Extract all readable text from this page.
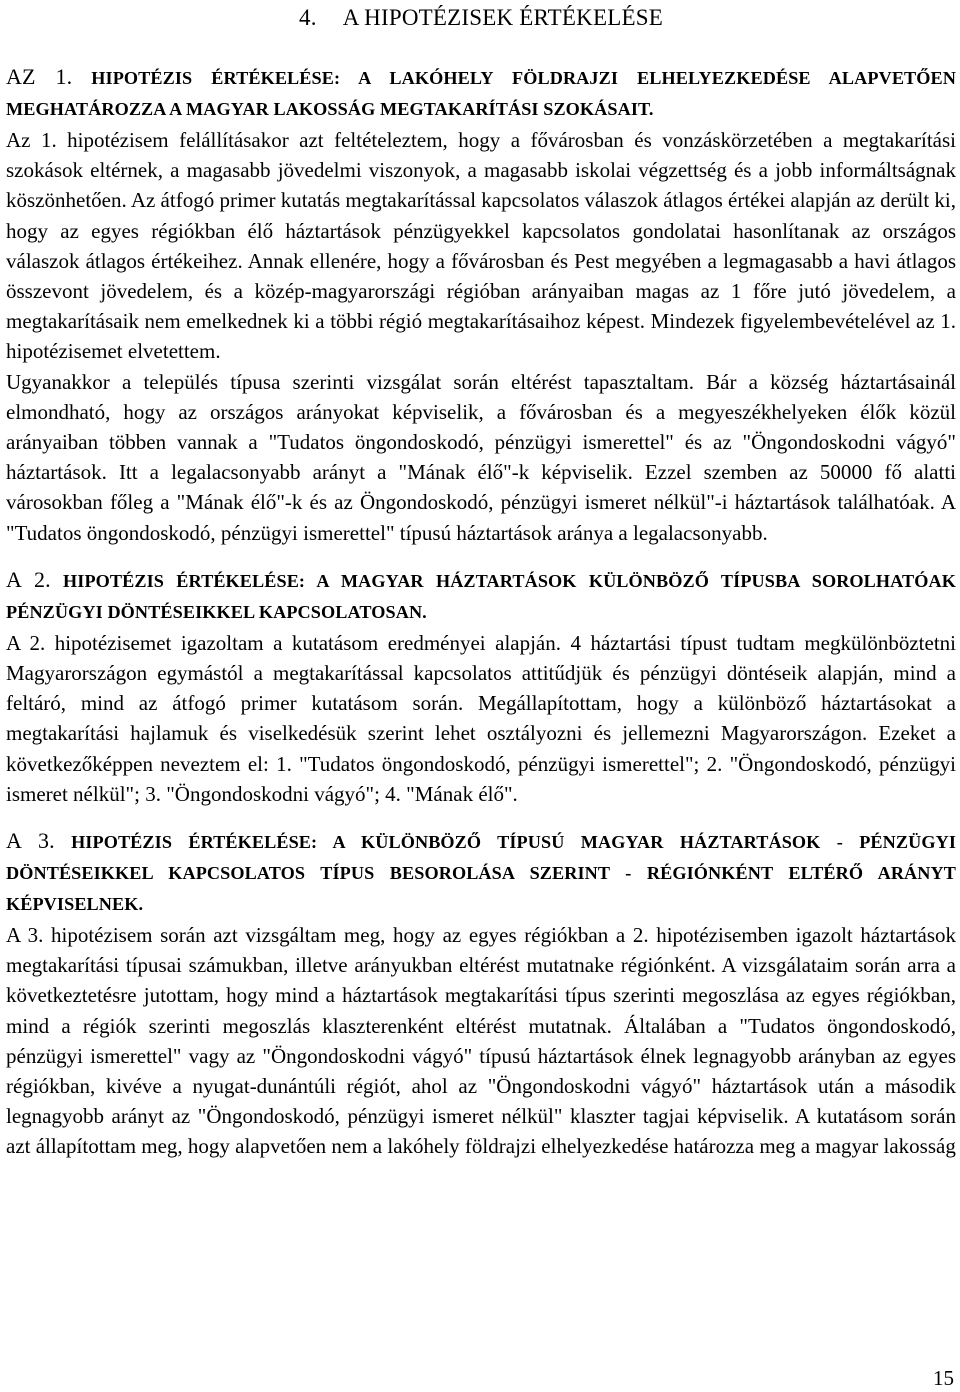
4. A HIPOTÉZISEK ÉRTÉKELÉSE
AZ 1. HIPOTÉZIS ÉRTÉKELÉSE: A LAKÓHELY FÖLDRAJZI ELHELYEZKEDÉSE ALAPVETŐEN MEGHATÁROZZA A MAGYAR LAKOSSÁG MEGTAKARÍTÁSI SZOKÁSAIT.

Az 1. hipotézisem felállításakor azt feltételeztem, hogy a fővárosban és vonzáskörzetében a megtakarítási szokások eltérnek, a magasabb jövedelmi viszonyok, a magasabb iskolai végzettség és a jobb informáltságnak köszönhetően. Az átfogó primer kutatás megtakarítással kapcsolatos válaszok átlagos értékei alapján az derült ki, hogy az egyes régiókban élő háztartások pénzügyekkel kapcsolatos gondolatai hasonlítanak az országos válaszok átlagos értékeihez. Annak ellenére, hogy a fővárosban és Pest megyében a legmagasabb a havi átlagos összevont jövedelem, és a közép-magyarországi régióban arányaiban magas az 1 főre jutó jövedelem, a megtakarításaik nem emelkednek ki a többi régió megtakarításaihoz képest. Mindezek figyelembevételével az 1. hipotézisemet elvetettem.

Ugyanakkor a település típusa szerinti vizsgálat során eltérést tapasztaltam. Bár a község háztartásainál elmondható, hogy az országos arányokat képviselik, a fővárosban és a megyeszékhelyeken élők közül arányaiban többen vannak a "Tudatos öngondoskodó, pénzügyi ismerettel" és az "Öngondoskodni vágyó" háztartások. Itt a legalacsonyabb arányt a "Mának élő"-k képviselik. Ezzel szemben az 50000 fő alatti városokban főleg a "Mának élő"-k és az Öngondoskodó, pénzügyi ismeret nélkül"-i háztartások találhatóak. A "Tudatos öngondoskodó, pénzügyi ismerettel" típusú háztartások aránya a legalacsonyabb.

A 2. HIPOTÉZIS ÉRTÉKELÉSE: A MAGYAR HÁZTARTÁSOK KÜLÖNBÖZŐ TÍPUSBA SOROLHATÓAK PÉNZÜGYI DÖNTÉSEIKKEL KAPCSOLATOSAN.

A 2. hipotézisemet igazoltam a kutatásom eredményei alapján. 4 háztartási típust tudtam megkülönböztetni Magyarországon egymástól a megtakarítással kapcsolatos attitűdjük és pénzügyi döntéseik alapján, mind a feltáró, mind az átfogó primer kutatásom során. Megállapítottam, hogy a különböző háztartásokat a megtakarítási hajlamuk és viselkedésük szerint lehet osztályozni és jellemezni Magyarországon. Ezeket a következőképpen neveztem el: 1. "Tudatos öngondoskodó, pénzügyi ismerettel"; 2. "Öngondoskodó, pénzügyi ismeret nélkül"; 3. "Öngondoskodni vágyó"; 4. "Mának élő".

A 3. HIPOTÉZIS ÉRTÉKELÉSE: A KÜLÖNBÖZŐ TÍPUSÚ MAGYAR HÁZTARTÁSOK - PÉNZÜGYI DÖNTÉSEIKKEL KAPCSOLATOS TÍPUS BESOROLÁSA SZERINT - RÉGIÓNKÉNT ELTÉRŐ ARÁNYT KÉPVISELNEK.

A 3. hipotézisem során azt vizsgáltam meg, hogy az egyes régiókban a 2. hipotézisemben igazolt háztartások megtakarítási típusai számukban, illetve arányukban eltérést mutatnake régiónként. A vizsgálataim során arra a következtetésre jutottam, hogy mind a háztartások megtakarítási típus szerinti megoszlása az egyes régiókban, mind a régiók szerinti megoszlás klaszterenként eltérést mutatnak. Általában a "Tudatos öngondoskodó, pénzügyi ismerettel" vagy az "Öngondoskodni vágyó" típusú háztartások élnek legnagyobb arányban az egyes régiókban, kivéve a nyugat-dunántúli régiót, ahol az "Öngondoskodni vágyó" háztartások után a második legnagyobb arányt az "Öngondoskodó, pénzügyi ismeret nélkül" klaszter tagjai képviselik. A kutatásom során azt állapítottam meg, hogy alapvetően nem a lakóhely földrajzi elhelyezkedése határozza meg a magyar lakosság

15
